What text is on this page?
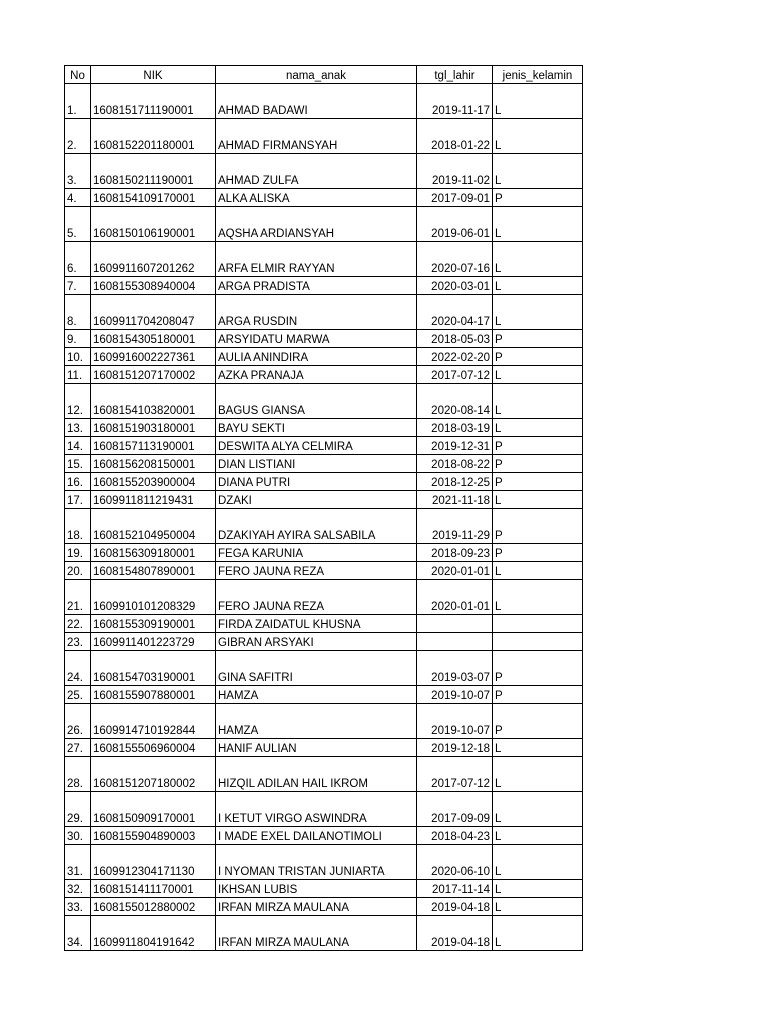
No	NIK	nama_anak	tgl_lahir	jenis_kelamin
1.	1608151711190001	AHMAD BADAWI	2019-11-17	L
2.	1608152201180001	AHMAD FIRMANSYAH	2018-01-22	L
3.	1608150211190001	AHMAD ZULFA	2019-11-02	L
4.	1608154109170001	ALKA ALISKA	2017-09-01	P
5.	1608150106190001	AQSHA ARDIANSYAH	2019-06-01	L
6.	1609911607201262	ARFA ELMIR RAYYAN	2020-07-16	L
7.	1608155308940004	ARGA PRADISTA	2020-03-01	L
8.	1609911704208047	ARGA RUSDIN	2020-04-17	L
9.	1608154305180001	ARSYIDATU MARWA	2018-05-03	P
10.	1609916002227361	AULIA ANINDIRA	2022-02-20	P
11.	1608151207170002	AZKA PRANAJA	2017-07-12	L
12.	1608154103820001	BAGUS GIANSA	2020-08-14	L
13.	1608151903180001	BAYU SEKTI	2018-03-19	L
14.	1608157113190001	DESWITA ALYA CELMIRA	2019-12-31	P
15.	1608156208150001	DIAN LISTIANI	2018-08-22	P
16.	1608155203900004	DIANA PUTRI	2018-12-25	P
17.	1609911811219431	DZAKI	2021-11-18	L
18.	1608152104950004	DZAKIYAH AYIRA SALSABILA	2019-11-29	P
19.	1608156309180001	FEGA KARUNIA	2018-09-23	P
20.	1608154807890001	FERO JAUNA REZA	2020-01-01	L
21.	1609910101208329	FERO JAUNA REZA	2020-01-01	L
22.	1608155309190001	FIRDA ZAIDATUL KHUSNA		
23.	1609911401223729	GIBRAN ARSYAKI		
24.	1608154703190001	GINA SAFITRI	2019-03-07	P
25.	1608155907880001	HAMZA	2019-10-07	P
26.	1609914710192844	HAMZA	2019-10-07	P
27.	1608155506960004	HANIF AULIAN	2019-12-18	L
28.	1608151207180002	HIZQIL ADILAN HAIL IKROM	2017-07-12	L
29.	1608150909170001	I KETUT VIRGO ASWINDRA	2017-09-09	L
30.	1608155904890003	I MADE EXEL DAILANOTIMOLI	2018-04-23	L
31.	1609912304171130	I NYOMAN TRISTAN JUNIARTA	2020-06-10	L
32.	1608151411170001	IKHSAN LUBIS	2017-11-14	L
33.	1608155012880002	IRFAN MIRZA MAULANA	2019-04-18	L
34.	1609911804191642	IRFAN MIRZA MAULANA	2019-04-18	L
